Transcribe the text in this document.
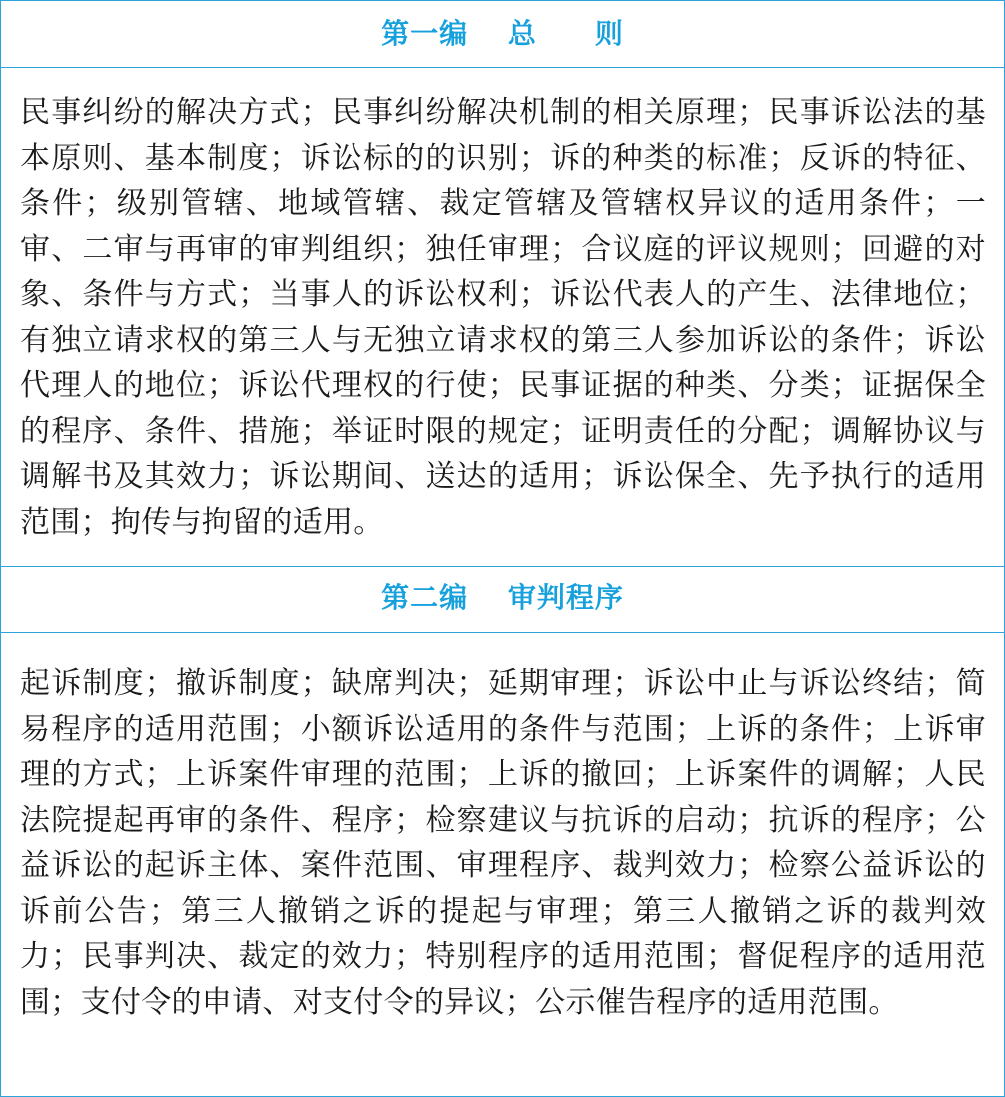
第一编　 总　　则

民事纠纷的解决方式；民事纠纷解决机制的相关原理；民事诉讼法的基本原则、基本制度；诉讼标的的识别；诉的种类的标准；反诉的特征、条件；级别管辖、地域管辖、裁定管辖及管辖权异议的适用条件；一审、二审与再审的审判组织；独任审理；合议庭的评议规则；回避的对象、条件与方式；当事人的诉讼权利；诉讼代表人的产生、法律地位；有独立请求权的第三人与无独立请求权的第三人参加诉讼的条件；诉讼代理人的地位；诉讼代理权的行使；民事证据的种类、分类；证据保全的程序、条件、措施；举证时限的规定；证明责任的分配；调解协议与调解书及其效力；诉讼期间、送达的适用；诉讼保全、先予执行的适用范围；拘传与拘留的适用。

第二编　 审判程序

起诉制度；撤诉制度；缺席判决；延期审理；诉讼中止与诉讼终结；简易程序的适用范围；小额诉讼适用的条件与范围；上诉的条件；上诉审理的方式；上诉案件审理的范围；上诉的撤回；上诉案件的调解；人民法院提起再审的条件、程序；检察建议与抗诉的启动；抗诉的程序；公益诉讼的起诉主体、案件范围、审理程序、裁判效力；检察公益诉讼的诉前公告；第三人撤销之诉的提起与审理；第三人撤销之诉的裁判效力；民事判决、裁定的效力；特别程序的适用范围；督促程序的适用范围；支付令的申请、对支付令的异议；公示催告程序的适用范围。
